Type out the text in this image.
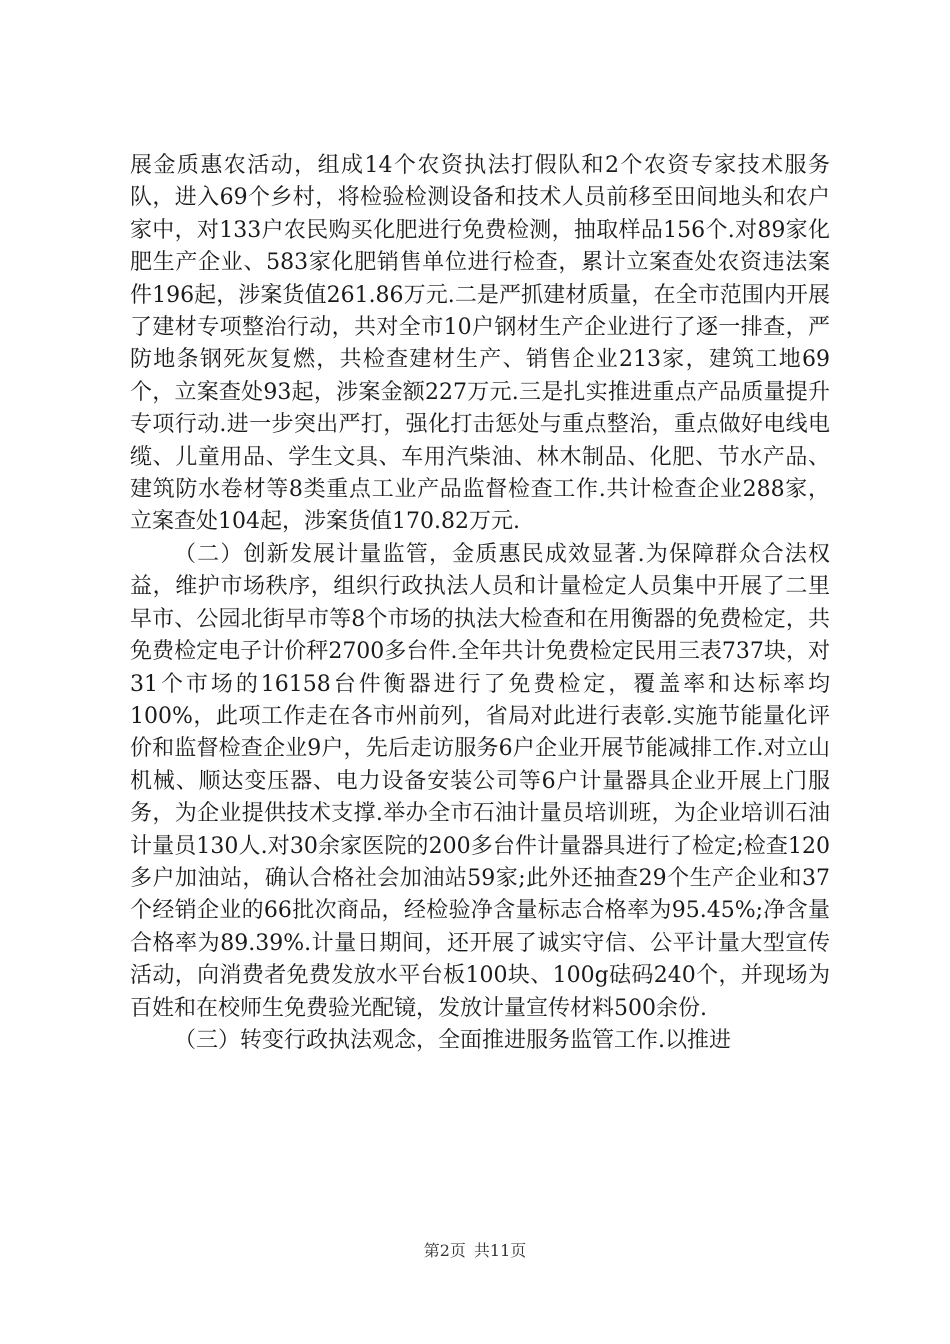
展金质惠农活动，组成14个农资执法打假队和2个农资专家技术服务队，进入69个乡村，将检验检测设备和技术人员前移至田间地头和农户家中，对133户农民购买化肥进行免费检测，抽取样品156个.对89家化肥生产企业、583家化肥销售单位进行检查，累计立案查处农资违法案件196起，涉案货值261.86万元.二是严抓建材质量，在全市范围内开展了建材专项整治行动，共对全市10户钢材生产企业进行了逐一排查，严防地条钢死灰复燃，共检查建材生产、销售企业213家，建筑工地69个，立案查处93起，涉案金额227万元.三是扎实推进重点产品质量提升专项行动.进一步突出严打，强化打击惩处与重点整治，重点做好电线电缆、儿童用品、学生文具、车用汽柴油、林木制品、化肥、节水产品、建筑防水卷材等8类重点工业产品监督检查工作.共计检查企业288家，立案查处104起，涉案货值170.82万元.

（二）创新发展计量监管，金质惠民成效显著.为保障群众合法权益，维护市场秩序，组织行政执法人员和计量检定人员集中开展了二里早市、公园北街早市等8个市场的执法大检查和在用衡器的免费检定，共免费检定电子计价秤2700多台件.全年共计免费检定民用三表737块，对31个市场的16158台件衡器进行了免费检定，覆盖率和达标率均100%，此项工作走在各市州前列，省局对此进行表彰.实施节能量化评价和监督检查企业9户，先后走访服务6户企业开展节能减排工作.对立山机械、顺达变压器、电力设备安装公司等6户计量器具企业开展上门服务，为企业提供技术支撑.举办全市石油计量员培训班，为企业培训石油计量员130人.对30余家医院的200多台件计量器具进行了检定;检查120多户加油站，确认合格社会加油站59家;此外还抽查29个生产企业和37个经销企业的66批次商品，经检验净含量标志合格率为95.45%;净含量合格率为89.39%.计量日期间，还开展了诚实守信、公平计量大型宣传活动，向消费者免费发放水平台板100块、100g砝码240个，并现场为百姓和在校师生免费验光配镜，发放计量宣传材料500余份.

（三）转变行政执法观念，全面推进服务监管工作.以推进

第2页 共11页
